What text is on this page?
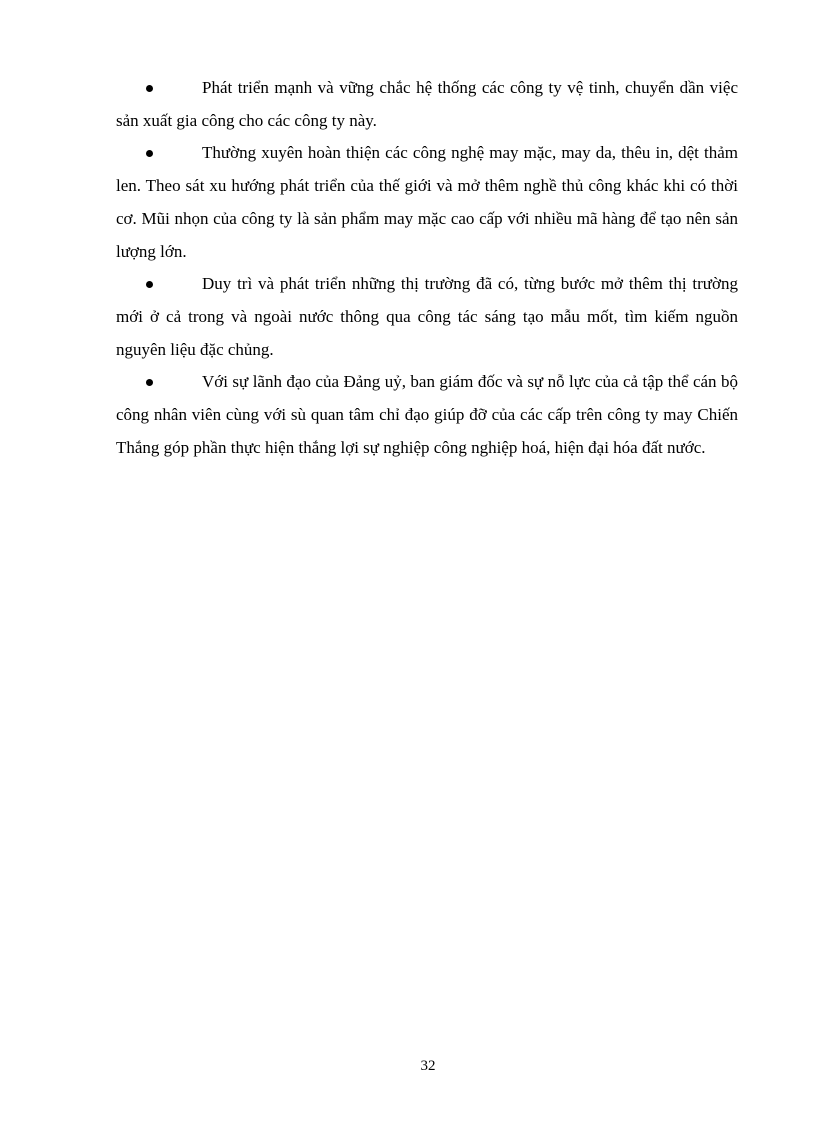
Phát triển mạnh và vững chắc hệ thống các công ty vệ tinh, chuyển dần việc sản xuất gia công cho các công ty này.

Thường xuyên hoàn thiện các công nghệ may mặc, may da, thêu in, dệt thảm len. Theo sát xu hướng phát triển của thế giới và mở thêm nghề thủ công khác khi có thời cơ. Mũi nhọn của công ty là sản phẩm may mặc cao cấp với nhiều mã hàng để tạo nên sản lượng lớn.

Duy trì và phát triển những thị trường đã có, từng bước mở thêm thị trường mới ở cả trong và ngoài nước thông qua công tác sáng tạo mẫu mốt, tìm kiếm nguồn nguyên liệu đặc chủng.

Với sự lãnh đạo của Đảng uỷ, ban giám đốc và sự nỗ lực của cả tập thể cán bộ công nhân viên cùng với sù quan tâm chỉ đạo giúp đỡ của các cấp trên công ty may Chiến Thắng góp phần thực hiện thắng lợi sự nghiệp công nghiệp hoá, hiện đại hóa đất nước.

32
